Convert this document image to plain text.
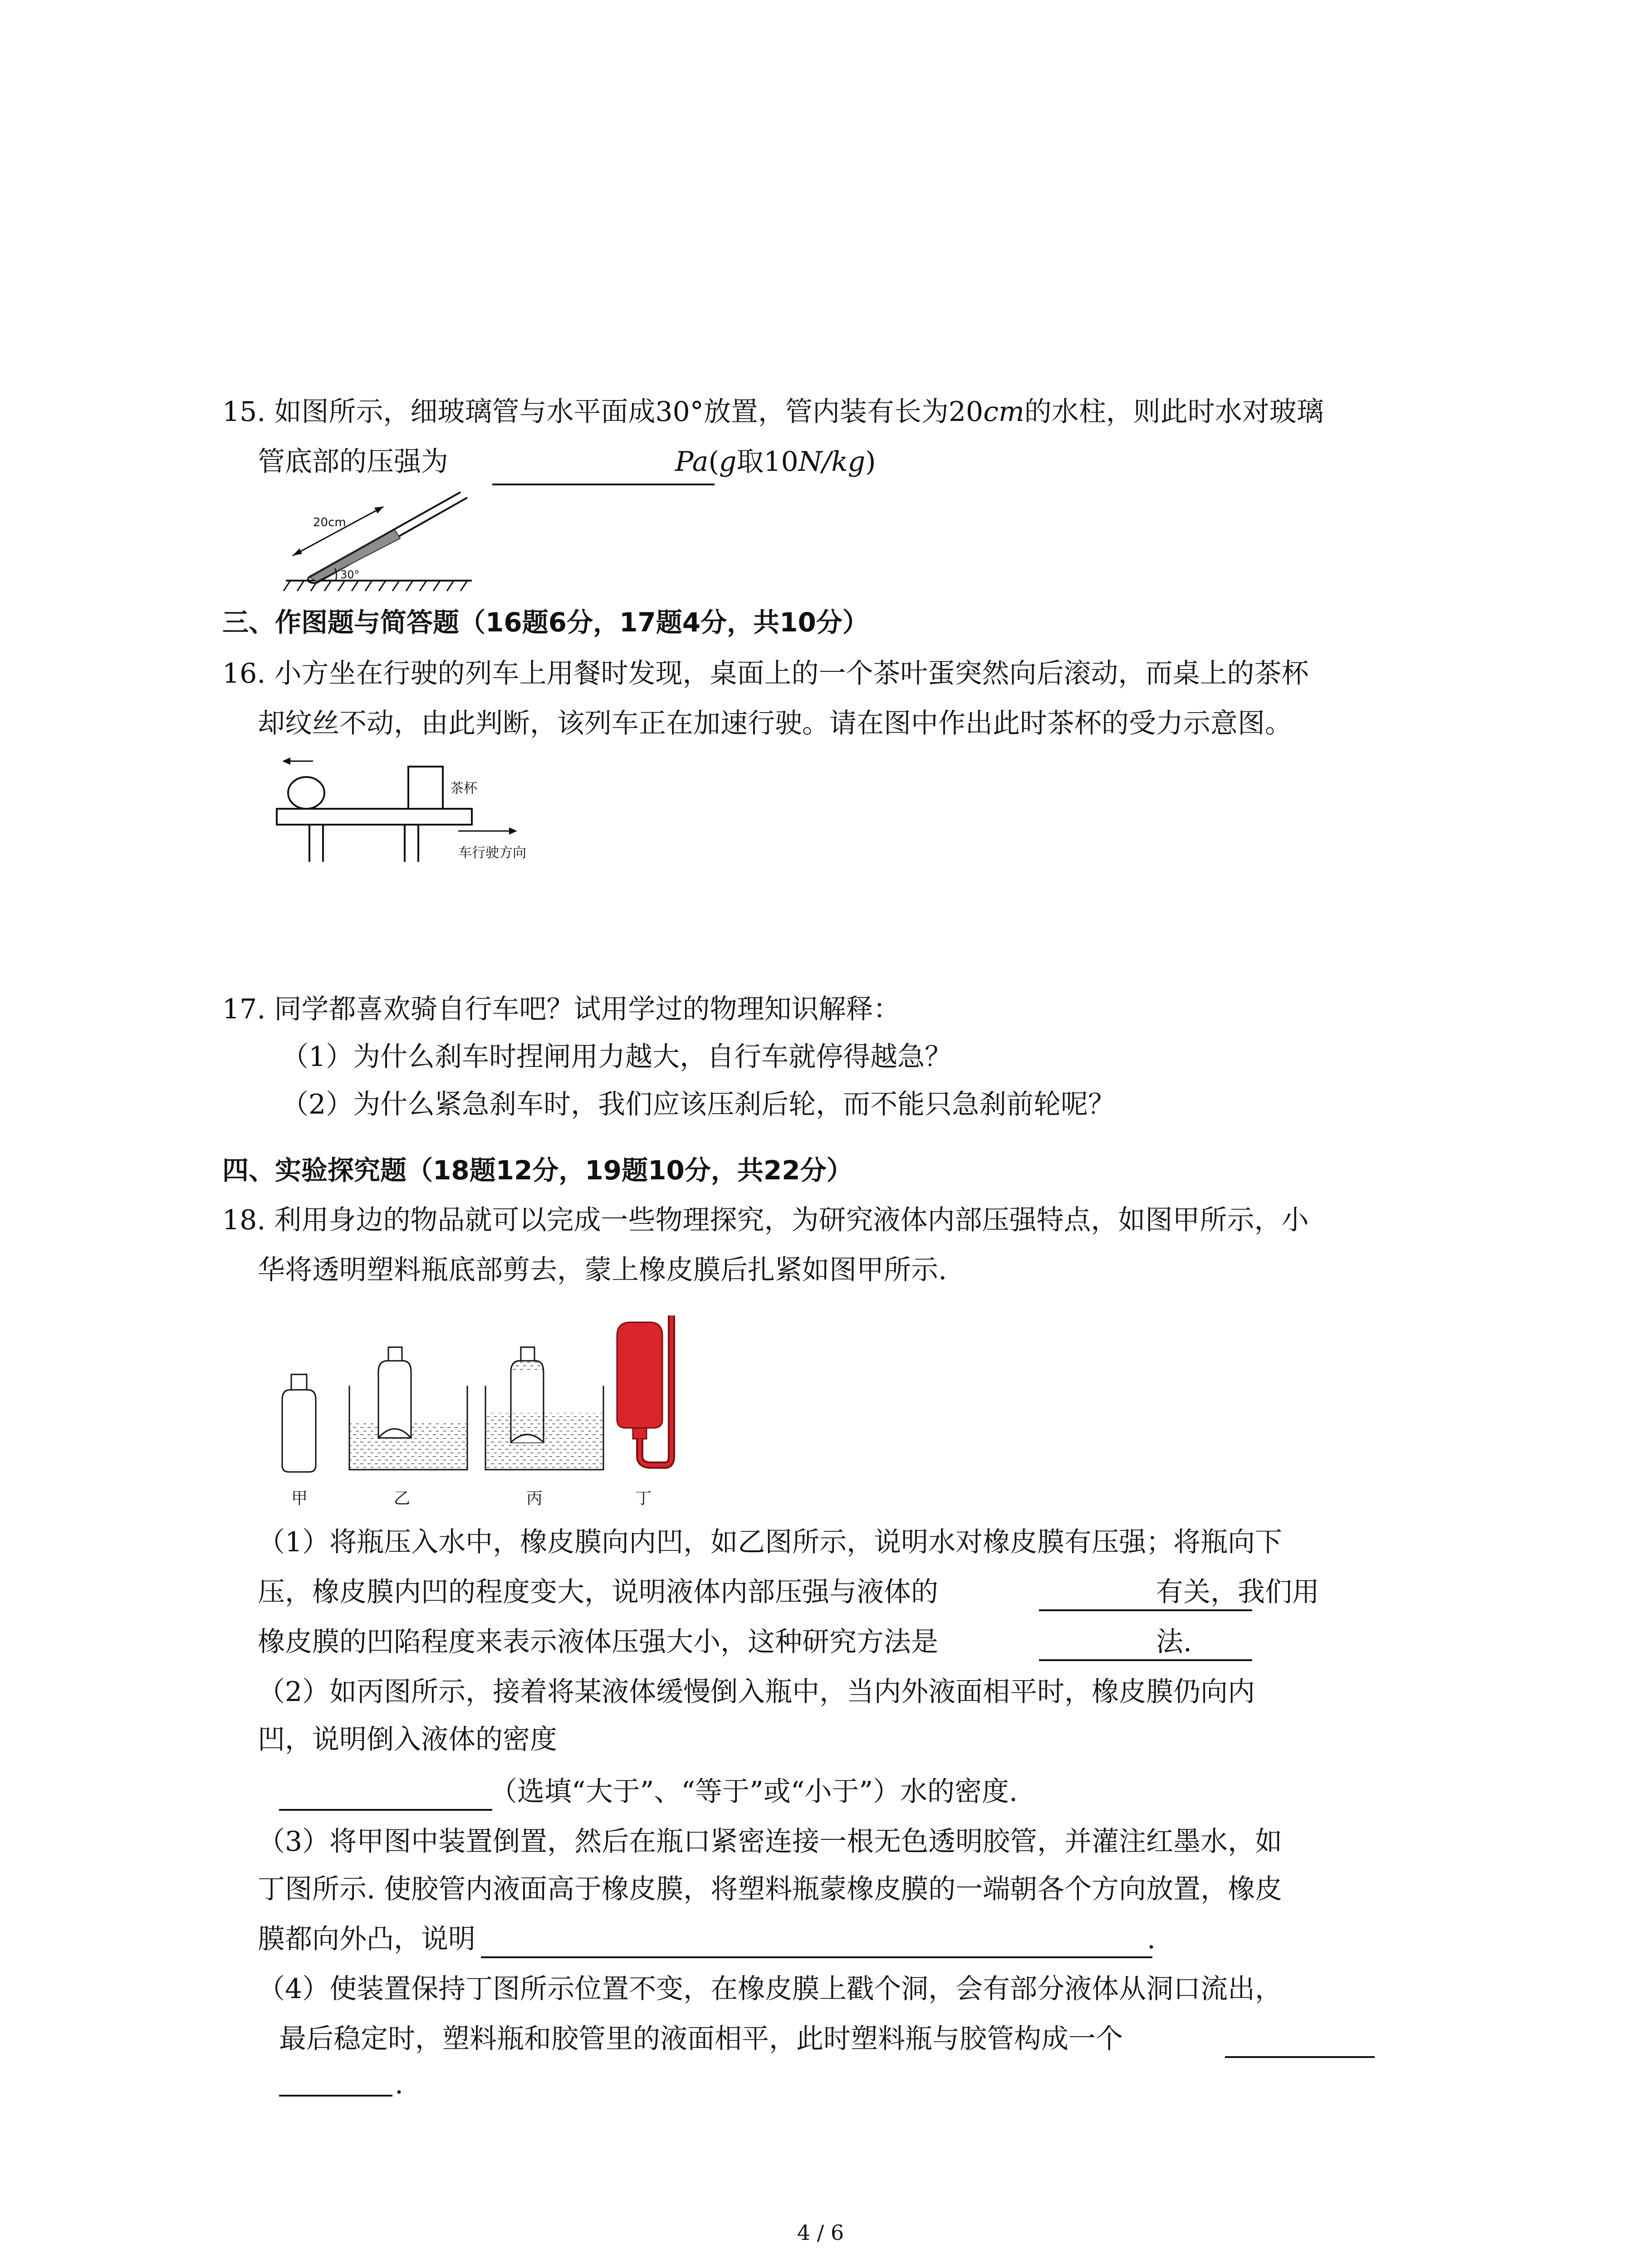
15. 如图所示，细玻璃管与水平面成30°放置，管内装有长为20cm的水柱，则此时水对玻璃
管底部的压强为	Pa(g取10N/kg)
20cm
30°
三、作图题与简答题（16题6分，17题4分，共10分）
16. 小方坐在行驶的列车上用餐时发现，桌面上的一个茶叶蛋突然向后滚动，而桌上的茶杯
却纹丝不动，由此判断，该列车正在加速行驶。请在图中作出此时茶杯的受力示意图。
茶杯
车行驶方向
17. 同学都喜欢骑自行车吧？试用学过的物理知识解释：
（1）为什么刹车时捏闸用力越大，自行车就停得越急？
（2）为什么紧急刹车时，我们应该压刹后轮，而不能只急刹前轮呢？
四、实验探究题（18题12分，19题10分，共22分）
18. 利用身边的物品就可以完成一些物理探究，为研究液体内部压强特点，如图甲所示，小
华将透明塑料瓶底部剪去，蒙上橡皮膜后扎紧如图甲所示.
甲	乙	丙	丁
（1）将瓶压入水中，橡皮膜向内凹，如乙图所示，说明水对橡皮膜有压强；将瓶向下
压，橡皮膜内凹的程度变大，说明液体内部压强与液体的	有关，我们用
橡皮膜的凹陷程度来表示液体压强大小，这种研究方法是	法.
（2）如丙图所示，接着将某液体缓慢倒入瓶中，当内外液面相平时，橡皮膜仍向内
凹，说明倒入液体的密度
（选填“大于”、“等于”或“小于”）水的密度.
（3）将甲图中装置倒置，然后在瓶口紧密连接一根无色透明胶管，并灌注红墨水，如
丁图所示. 使胶管内液面高于橡皮膜，将塑料瓶蒙橡皮膜的一端朝各个方向放置，橡皮
膜都向外凸，说明	.
（4）使装置保持丁图所示位置不变，在橡皮膜上戳个洞，会有部分液体从洞口流出，
最后稳定时，塑料瓶和胶管里的液面相平，此时塑料瓶与胶管构成一个
.
4 / 6
